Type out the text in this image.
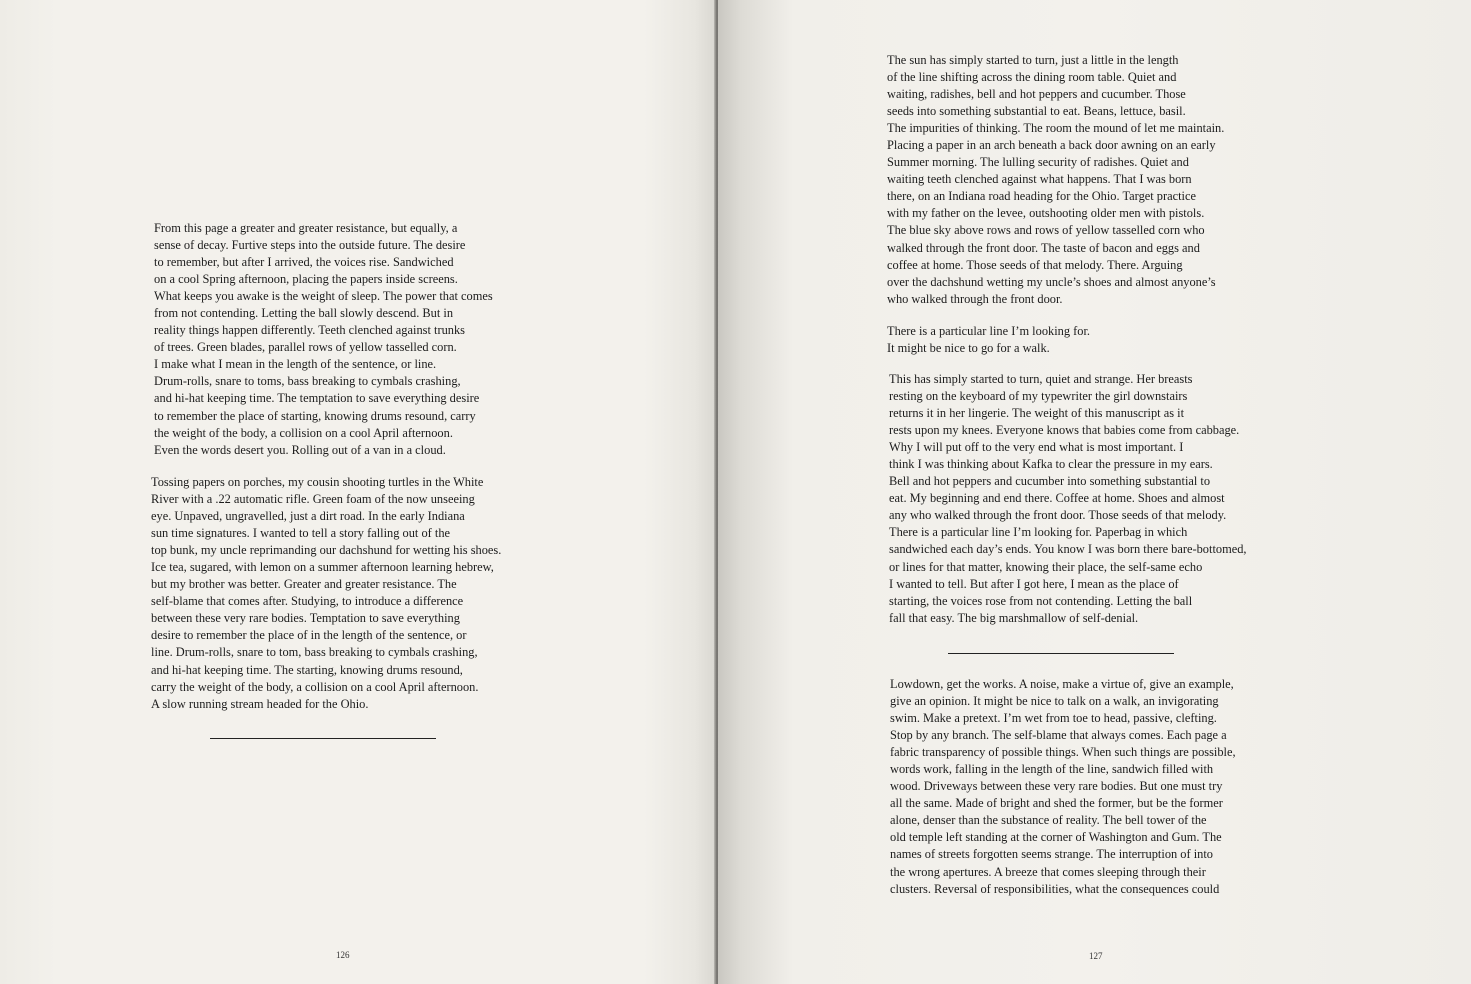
From this page a greater and greater resistance, but equally, a
sense of decay. Furtive steps into the outside future. The desire
to remember, but after I arrived, the voices rise. Sandwiched
on a cool Spring afternoon, placing the papers inside screens.
What keeps you awake is the weight of sleep. The power that comes
from not contending. Letting the ball slowly descend. But in
reality things happen differently. Teeth clenched against trunks
of trees. Green blades, parallel rows of yellow tasselled corn.
I make what I mean in the length of the sentence, or line.
Drum-rolls, snare to toms, bass breaking to cymbals crashing,
and hi-hat keeping time. The temptation to save everything desire
to remember the place of starting, knowing drums resound, carry
the weight of the body, a collision on a cool April afternoon.
Even the words desert you. Rolling out of a van in a cloud.
Tossing papers on porches, my cousin shooting turtles in the White
River with a .22 automatic rifle. Green foam of the now unseeing
eye. Unpaved, ungravelled, just a dirt road. In the early Indiana
sun time signatures. I wanted to tell a story falling out of the
top bunk, my uncle reprimanding our dachshund for wetting his shoes.
Ice tea, sugared, with lemon on a summer afternoon learning hebrew,
but my brother was better. Greater and greater resistance. The
self-blame that comes after. Studying, to introduce a difference
between these very rare bodies. Temptation to save everything
desire to remember the place of in the length of the sentence, or
line. Drum-rolls, snare to tom, bass breaking to cymbals crashing,
and hi-hat keeping time. The starting, knowing drums resound,
carry the weight of the body, a collision on a cool April afternoon.
A slow running stream headed for the Ohio.
126
The sun has simply started to turn, just a little in the length
of the line shifting across the dining room table. Quiet and
waiting, radishes, bell and hot peppers and cucumber. Those
seeds into something substantial to eat. Beans, lettuce, basil.
The impurities of thinking. The room the mound of let me maintain.
Placing a paper in an arch beneath a back door awning on an early
Summer morning. The lulling security of radishes. Quiet and
waiting teeth clenched against what happens. That I was born
there, on an Indiana road heading for the Ohio. Target practice
with my father on the levee, outshooting older men with pistols.
The blue sky above rows and rows of yellow tasselled corn who
walked through the front door. The taste of bacon and eggs and
coffee at home. Those seeds of that melody. There. Arguing
over the dachshund wetting my uncle’s shoes and almost anyone’s
who walked through the front door.
There is a particular line I’m looking for.
It might be nice to go for a walk.
This has simply started to turn, quiet and strange. Her breasts
resting on the keyboard of my typewriter the girl downstairs
returns it in her lingerie. The weight of this manuscript as it
rests upon my knees. Everyone knows that babies come from cabbage.
Why I will put off to the very end what is most important. I
think I was thinking about Kafka to clear the pressure in my ears.
Bell and hot peppers and cucumber into something substantial to
eat. My beginning and end there. Coffee at home. Shoes and almost
any who walked through the front door. Those seeds of that melody.
There is a particular line I’m looking for. Paperbag in which
sandwiched each day’s ends. You know I was born there bare-bottomed,
or lines for that matter, knowing their place, the self-same echo
I wanted to tell. But after I got here, I mean as the place of
starting, the voices rose from not contending. Letting the ball
fall that easy. The big marshmallow of self-denial.
Lowdown, get the works. A noise, make a virtue of, give an example,
give an opinion. It might be nice to talk on a walk, an invigorating
swim. Make a pretext. I’m wet from toe to head, passive, clefting.
Stop by any branch. The self-blame that always comes. Each page a
fabric transparency of possible things. When such things are possible,
words work, falling in the length of the line, sandwich filled with
wood. Driveways between these very rare bodies. But one must try
all the same. Made of bright and shed the former, but be the former
alone, denser than the substance of reality. The bell tower of the
old temple left standing at the corner of Washington and Gum. The
names of streets forgotten seems strange. The interruption of into
the wrong apertures. A breeze that comes sleeping through their
clusters. Reversal of responsibilities, what the consequences could
127
